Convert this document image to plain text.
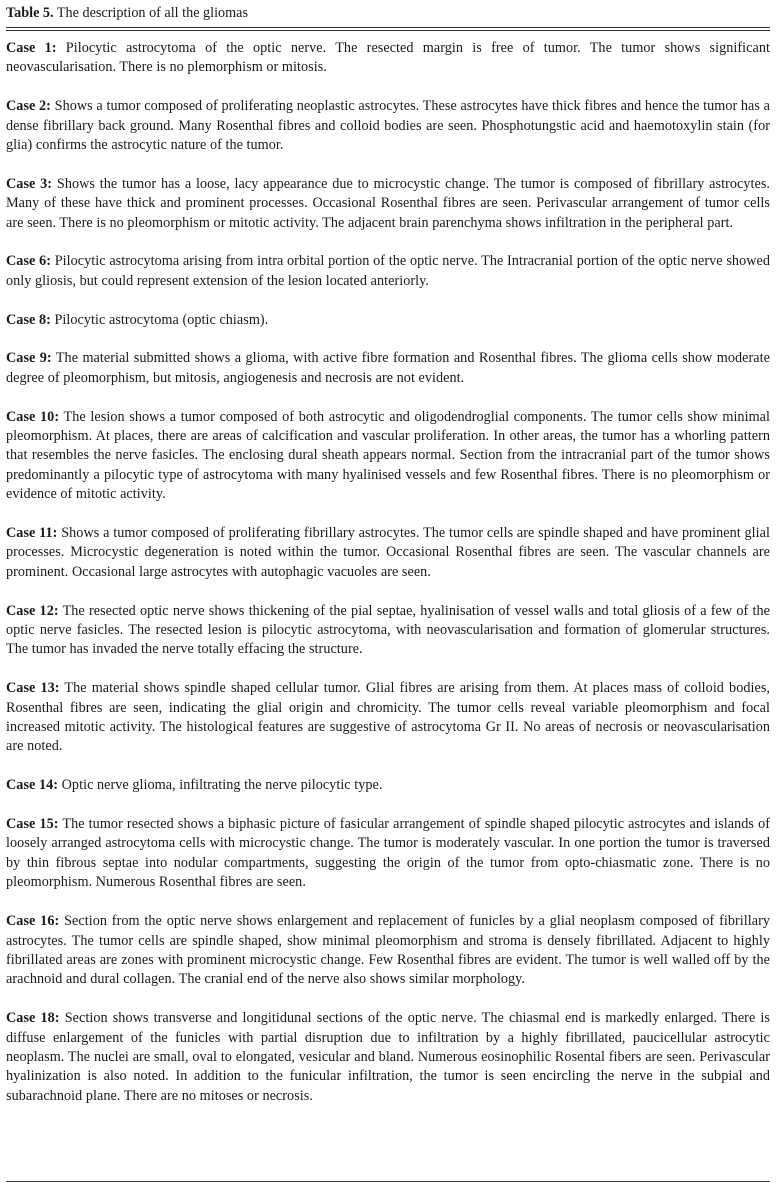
Table 5. The description of all the gliomas

Case 1: Pilocytic astrocytoma of the optic nerve. The resected margin is free of tumor. The tumor shows significant neovascularisation. There is no plemorphism or mitosis.

Case 2: Shows a tumor composed of proliferating neoplastic astrocytes. These astrocytes have thick fibres and hence the tumor has a dense fibrillary back ground. Many Rosenthal fibres and colloid bodies are seen. Phosphotungstic acid and haemotoxylin stain (for glia) confirms the astrocytic nature of the tumor.

Case 3: Shows the tumor has a loose, lacy appearance due to microcystic change. The tumor is composed of fibrillary astrocytes. Many of these have thick and prominent processes. Occasional Rosenthal fibres are seen. Perivascular arrangement of tumor cells are seen. There is no pleomorphism or mitotic activity. The adjacent brain parenchyma shows infiltration in the peripheral part.

Case 6: Pilocytic astrocytoma arising from intra orbital portion of the optic nerve. The Intracranial portion of the optic nerve showed only gliosis, but could represent extension of the lesion located anteriorly.

Case 8: Pilocytic astrocytoma (optic chiasm).

Case 9: The material submitted shows a glioma, with active fibre formation and Rosenthal fibres. The glioma cells show moderate degree of pleomorphism, but mitosis, angiogenesis and necrosis are not evident.

Case 10: The lesion shows a tumor composed of both astrocytic and oligodendroglial components. The tumor cells show minimal pleomorphism. At places, there are areas of calcification and vascular proliferation. In other areas, the tumor has a whorling pattern that resembles the nerve fasicles. The enclosing dural sheath appears normal. Section from the intracranial part of the tumor shows predominantly a pilocytic type of astrocytoma with many hyalinised vessels and few Rosenthal fibres. There is no pleomorphism or evidence of mitotic activity.

Case 11: Shows a tumor composed of proliferating fibrillary astrocytes. The tumor cells are spindle shaped and have prominent glial processes. Microcystic degeneration is noted within the tumor. Occasional Rosenthal fibres are seen. The vascular channels are prominent. Occasional large astrocytes with autophagic vacuoles are seen.

Case 12: The resected optic nerve shows thickening of the pial septae, hyalinisation of vessel walls and total gliosis of a few of the optic nerve fasicles. The resected lesion is pilocytic astrocytoma, with neovascularisation and formation of glomerular structures. The tumor has invaded the nerve totally effacing the structure.

Case 13: The material shows spindle shaped cellular tumor. Glial fibres are arising from them. At places mass of colloid bodies, Rosenthal fibres are seen, indicating the glial origin and chromicity. The tumor cells reveal variable pleomorphism and focal increased mitotic activity. The histological features are suggestive of astrocytoma Gr II. No areas of necrosis or neovascularisation are noted.

Case 14: Optic nerve glioma, infiltrating the nerve pilocytic type.

Case 15: The tumor resected shows a biphasic picture of fasicular arrangement of spindle shaped pilocytic astrocytes and islands of loosely arranged astrocytoma cells with microcystic change. The tumor is moderately vascular. In one portion the tumor is traversed by thin fibrous septae into nodular compartments, suggesting the origin of the tumor from opto-chiasmatic zone. There is no pleomorphism. Numerous Rosenthal fibres are seen.

Case 16: Section from the optic nerve shows enlargement and replacement of funicles by a glial neoplasm composed of fibrillary astrocytes. The tumor cells are spindle shaped, show minimal pleomorphism and stroma is densely fibrillated. Adjacent to highly fibrillated areas are zones with prominent microcystic change. Few Rosenthal fibres are evident. The tumor is well walled off by the arachnoid and dural collagen. The cranial end of the nerve also shows similar morphology.

Case 18: Section shows transverse and longitidunal sections of the optic nerve. The chiasmal end is markedly enlarged. There is diffuse enlargement of the funicles with partial disruption due to infiltration by a highly fibrillated, paucicellular astrocytic neoplasm. The nuclei are small, oval to elongated, vesicular and bland. Numerous eosinophilic Rosental fibers are seen. Perivascular hyalinization is also noted. In addition to the funicular infiltration, the tumor is seen encircling the nerve in the subpial and subarachnoid plane. There are no mitoses or necrosis.
